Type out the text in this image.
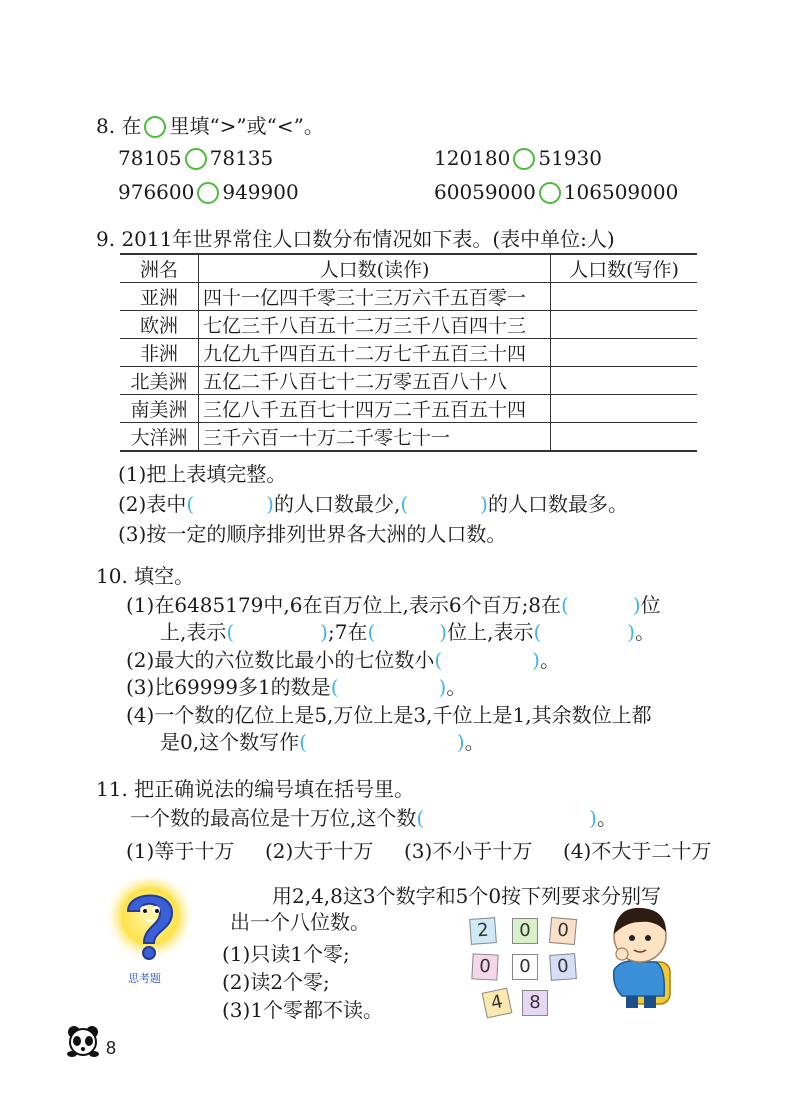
8. 在 里填“>”或“<”。
78105 78135	120180 51930
976600 949900	60059000 106509000
9. 2011年世界常住人口数分布情况如下表。(表中单位:人)
洲名	人口数(读作)	人口数(写作)
亚洲	四十一亿四千零三十三万六千五百零一	
欧洲	七亿三千八百五十二万三千八百四十三	
非洲	九亿九千四百五十二万七千五百三十四	
北美洲	五亿二千八百七十二万零五百八十八	
南美洲	三亿八千五百七十四万二千五百五十四	
大洋洲	三千六百一十万二千零七十一	
(1)把上表填完整。
(2)表中(	)的人口数最少,(	)的人口数最多。
(3)按一定的顺序排列世界各大洲的人口数。
10. 填空。
(1)在6485179中,6在百万位上,表示6个百万;8在(	)位
上,表示(	);7在(	)位上,表示(	)。
(2)最大的六位数比最小的七位数小(	)。
(3)比69999多1的数是(	)。
(4)一个数的亿位上是5,万位上是3,千位上是1,其余数位上都
是0,这个数写作(	)。
11. 把正确说法的编号填在括号里。
一个数的最高位是十万位,这个数(	)。
(1)等于十万 (2)大于十万 (3)不小于十万 (4)不大于二十万
思考题
用2,4,8这3个数字和5个0按下列要求分别写
出一个八位数。
(1)只读1个零;
(2)读2个零;
(3)1个零都不读。
2	0	0
0	0	0
4	8
8
